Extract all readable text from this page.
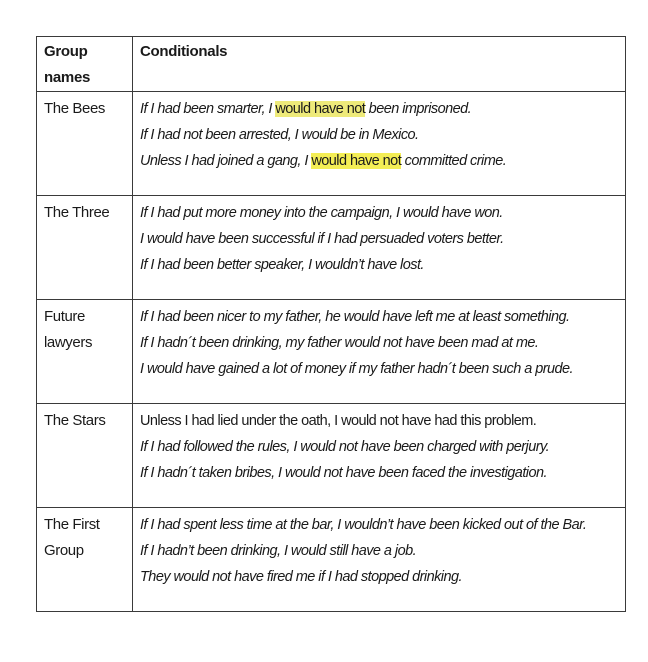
Group
names	Conditionals

The Bees	If I had been smarter, I would have not been imprisoned.
If I had not been arrested, I would be in Mexico.
Unless I had joined a gang, I would have not committed crime.

The Three	If I had put more money into the campaign, I would have won.
I would have been successful if I had persuaded voters better.
If I had been better speaker, I wouldn’t have lost.

Future
lawyers	If I had been nicer to my father, he would have left me at least something.
If I hadn´t been drinking, my father would not have been mad at me.
I would have gained a lot of money if my father hadn´t been such a prude.

The Stars	Unless I had lied under the oath, I would not have had this problem.
If I had followed the rules, I would not have been charged with perjury.
If I hadn´t taken bribes, I would not have been faced the investigation.

The First
Group	If I had spent less time at the bar, I wouldn’t have been kicked out of the Bar.
If I hadn’t been drinking, I would still have a job.
They would not have fired me if I had stopped drinking.
